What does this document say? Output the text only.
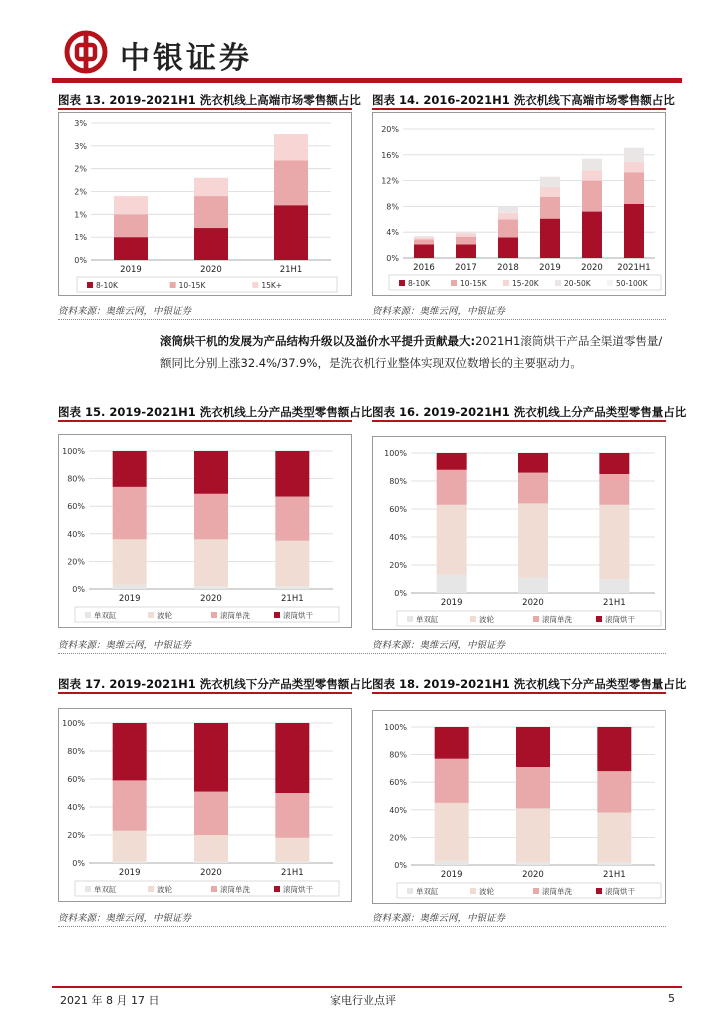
中银证券
图表 13. 2019-2021H1 洗衣机线上高端市场零售额占比 图表 14. 2016-2021H1 洗衣机线下高端市场零售额占比
0%
1%
1%
2%
2%
3%
3%
2019	2020	21H1
8-10K	10-15K	15K+
0%
4%
8%
12%
16%
20%
2016 2017 2018 2019 2020 2021H1
8-10K	10-15K	15-20K	20-50K	50-100K
资料来源：奥维云网，中银证券	资料来源：奥维云网，中银证券
滚筒烘干机的发展为产品结构升级以及溢价水平提升贡献最大:2021H1滚筒烘干产品全渠道零售量/
额同比分别上涨32.4%/37.9%，是洗衣机行业整体实现双位数增长的主要驱动力。
图表 15. 2019-2021H1 洗衣机线上分产品类型零售额占比 图表 16. 2019-2021H1 洗衣机线上分产品类型零售量占比
0%
20%
40%
60%
80%
100%
2019	2020	21H1
单双缸	波轮	滚筒单洗	滚筒烘干
0%
20%
40%
60%
80%
100%
2019	2020	21H1
单双缸	波轮	滚筒单洗	滚筒烘干
资料来源：奥维云网，中银证券	资料来源：奥维云网，中银证券
图表 17. 2019-2021H1 洗衣机线下分产品类型零售额占比 图表 18. 2019-2021H1 洗衣机线下分产品类型零售量占比
0%
20%
40%
60%
80%
100%
2019	2020	21H1
单双缸	波轮	滚筒单洗	滚筒烘干
0%
20%
40%
60%
80%
100%
2019	2020	21H1
单双缸	波轮	滚筒单洗	滚筒烘干
资料来源：奥维云网，中银证券	资料来源：奥维云网，中银证券
2021 年 8 月 17 日	家电行业点评	5
